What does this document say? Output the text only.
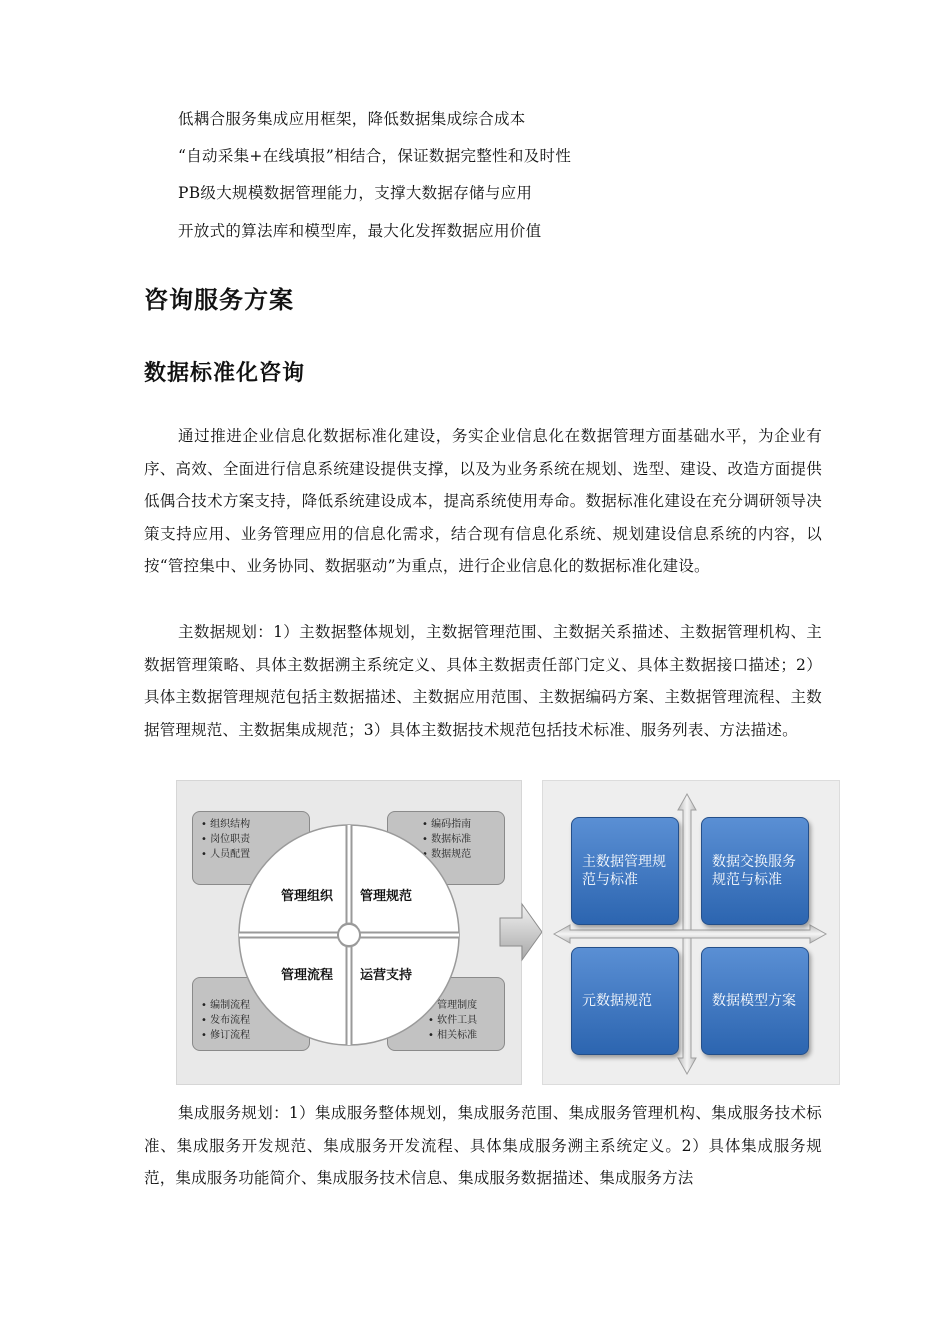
低耦合服务集成应用框架，降低数据集成综合成本
“自动采集+在线填报”相结合，保证数据完整性和及时性
PB级大规模数据管理能力，支撑大数据存储与应用
开放式的算法库和模型库，最大化发挥数据应用价值
咨询服务方案
数据标准化咨询
通过推进企业信息化数据标准化建设，务实企业信息化在数据管理方面基础水平，为企业有序、高效、全面进行信息系统建设提供支撑，以及为业务系统在规划、选型、建设、改造方面提供低偶合技术方案支持，降低系统建设成本，提高系统使用寿命。数据标准化建设在充分调研领导决策支持应用、业务管理应用的信息化需求，结合现有信息化系统、规划建设信息系统的内容，以按“管控集中、业务协同、数据驱动”为重点，进行企业信息化的数据标准化建设。
主数据规划：1）主数据整体规划，主数据管理范围、主数据关系描述、主数据管理机构、主数据管理策略、具体主数据溯主系统定义、具体主数据责任部门定义、具体主数据接口描述；2）具体主数据管理规范包括主数据描述、主数据应用范围、主数据编码方案、主数据管理流程、主数据管理规范、主数据集成规范；3）具体主数据技术规范包括技术标准、服务列表、方法描述。
• 组织结构
• 岗位职责
• 人员配置
• 编码指南
• 数据标准
• 数据规范
• 编制流程
• 发布流程
• 修订流程
• 管理制度
• 软件工具
• 相关标准
管理组织 管理规范
管理流程 运营支持
主数据管理规范与标准
数据交换服务规范与标准
元数据规范	数据模型方案
集成服务规划：1）集成服务整体规划，集成服务范围、集成服务管理机构、集成服务技术标准、集成服务开发规范、集成服务开发流程、具体集成服务溯主系统定义。2）具体集成服务规范，集成服务功能简介、集成服务技术信息、集成服务数据描述、集成服务方法
